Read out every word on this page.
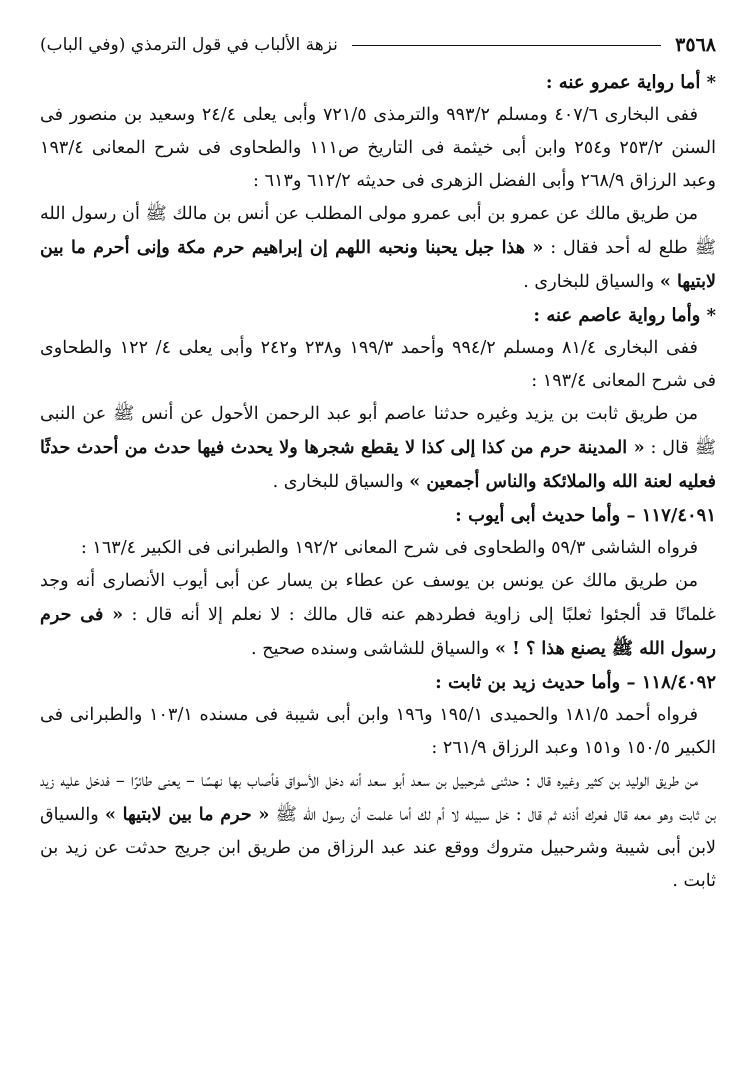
٣٥٦٨
نزهة الألباب في قول الترمذي (وفي الباب)

* أما رواية عمرو عنه :

ففى البخارى ٤٠٧/٦ ومسلم ٩٩٣/٢ والترمذى ٧٢١/٥ وأبى يعلى ٢٤/٤ وسعيد بن منصور فى السنن ٢٥٣/٢ و٢٥٤ وابن أبى خيثمة فى التاريخ ص١١١ والطحاوى فى شرح المعانى ١٩٣/٤ وعبد الرزاق ٢٦٨/٩ وأبى الفضل الزهرى فى حديثه ٦١٢/٢ و٦١٣ :

من طريق مالك عن عمرو بن أبى عمرو مولى المطلب عن أنس بن مالك ﷺ أن رسول الله ﷺ طلع له أحد فقال : « هذا جبل يحبنا ونحبه اللهم إن إبراهيم حرم مكة وإنى أحرم ما بين لابتيها » والسياق للبخارى .

* وأما رواية عاصم عنه :

ففى البخارى ٨١/٤ ومسلم ٩٩٤/٢ وأحمد ١٩٩/٣ و٢٣٨ و٢٤٢ وأبى يعلى ٤/ ١٢٢ والطحاوى فى شرح المعانى ١٩٣/٤ :

من طريق ثابت بن يزيد وغيره حدثنا عاصم أبو عبد الرحمن الأحول عن أنس ﷺ عن النبى ﷺ قال : « المدينة حرم من كذا إلى كذا لا يقطع شجرها ولا يحدث فيها حدث من أحدث حدثًا فعليه لعنة الله والملائكة والناس أجمعين » والسياق للبخارى .

١١٧/٤٠٩١ – وأما حديث أبى أيوب :

فرواه الشاشى ٥٩/٣ والطحاوى فى شرح المعانى ١٩٢/٢ والطبرانى فى الكبير ١٦٣/٤ :

من طريق مالك عن يونس بن يوسف عن عطاء بن يسار عن أبى أيوب الأنصارى أنه وجد غلمانًا قد ألجئوا ثعلبًا إلى زاوية فطردهم عنه قال مالك : لا نعلم إلا أنه قال : « فى حرم رسول الله ﷺ يصنع هذا ؟ ! » والسياق للشاشى وسنده صحيح .

١١٨/٤٠٩٢ – وأما حديث زيد بن ثابت :

فرواه أحمد ١٨١/٥ والحميدى ١٩٥/١ و١٩٦ وابن أبى شيبة فى مسنده ١٠٣/١ والطبرانى فى الكبير ١٥٠/٥ و١٥١ وعبد الرزاق ٢٦١/٩ :

من طريق الوليد بن كثير وغيره قال : حدثنى شرحبيل بن سعد أبو سعد أنه دخل الأسواق فأصاب بها نهسًا – يعنى طائرًا – فدخل عليه زيد بن ثابت وهو معه قال فعرك أذنه ثم قال : خل سبيله لا أم لك أما علمت أن رسول الله ﷺ « حرم ما بين لابتيها » والسياق لابن أبى شيبة وشرحبيل متروك ووقع عند عبد الرزاق من طريق ابن جريج حدثت عن زيد بن ثابت .
